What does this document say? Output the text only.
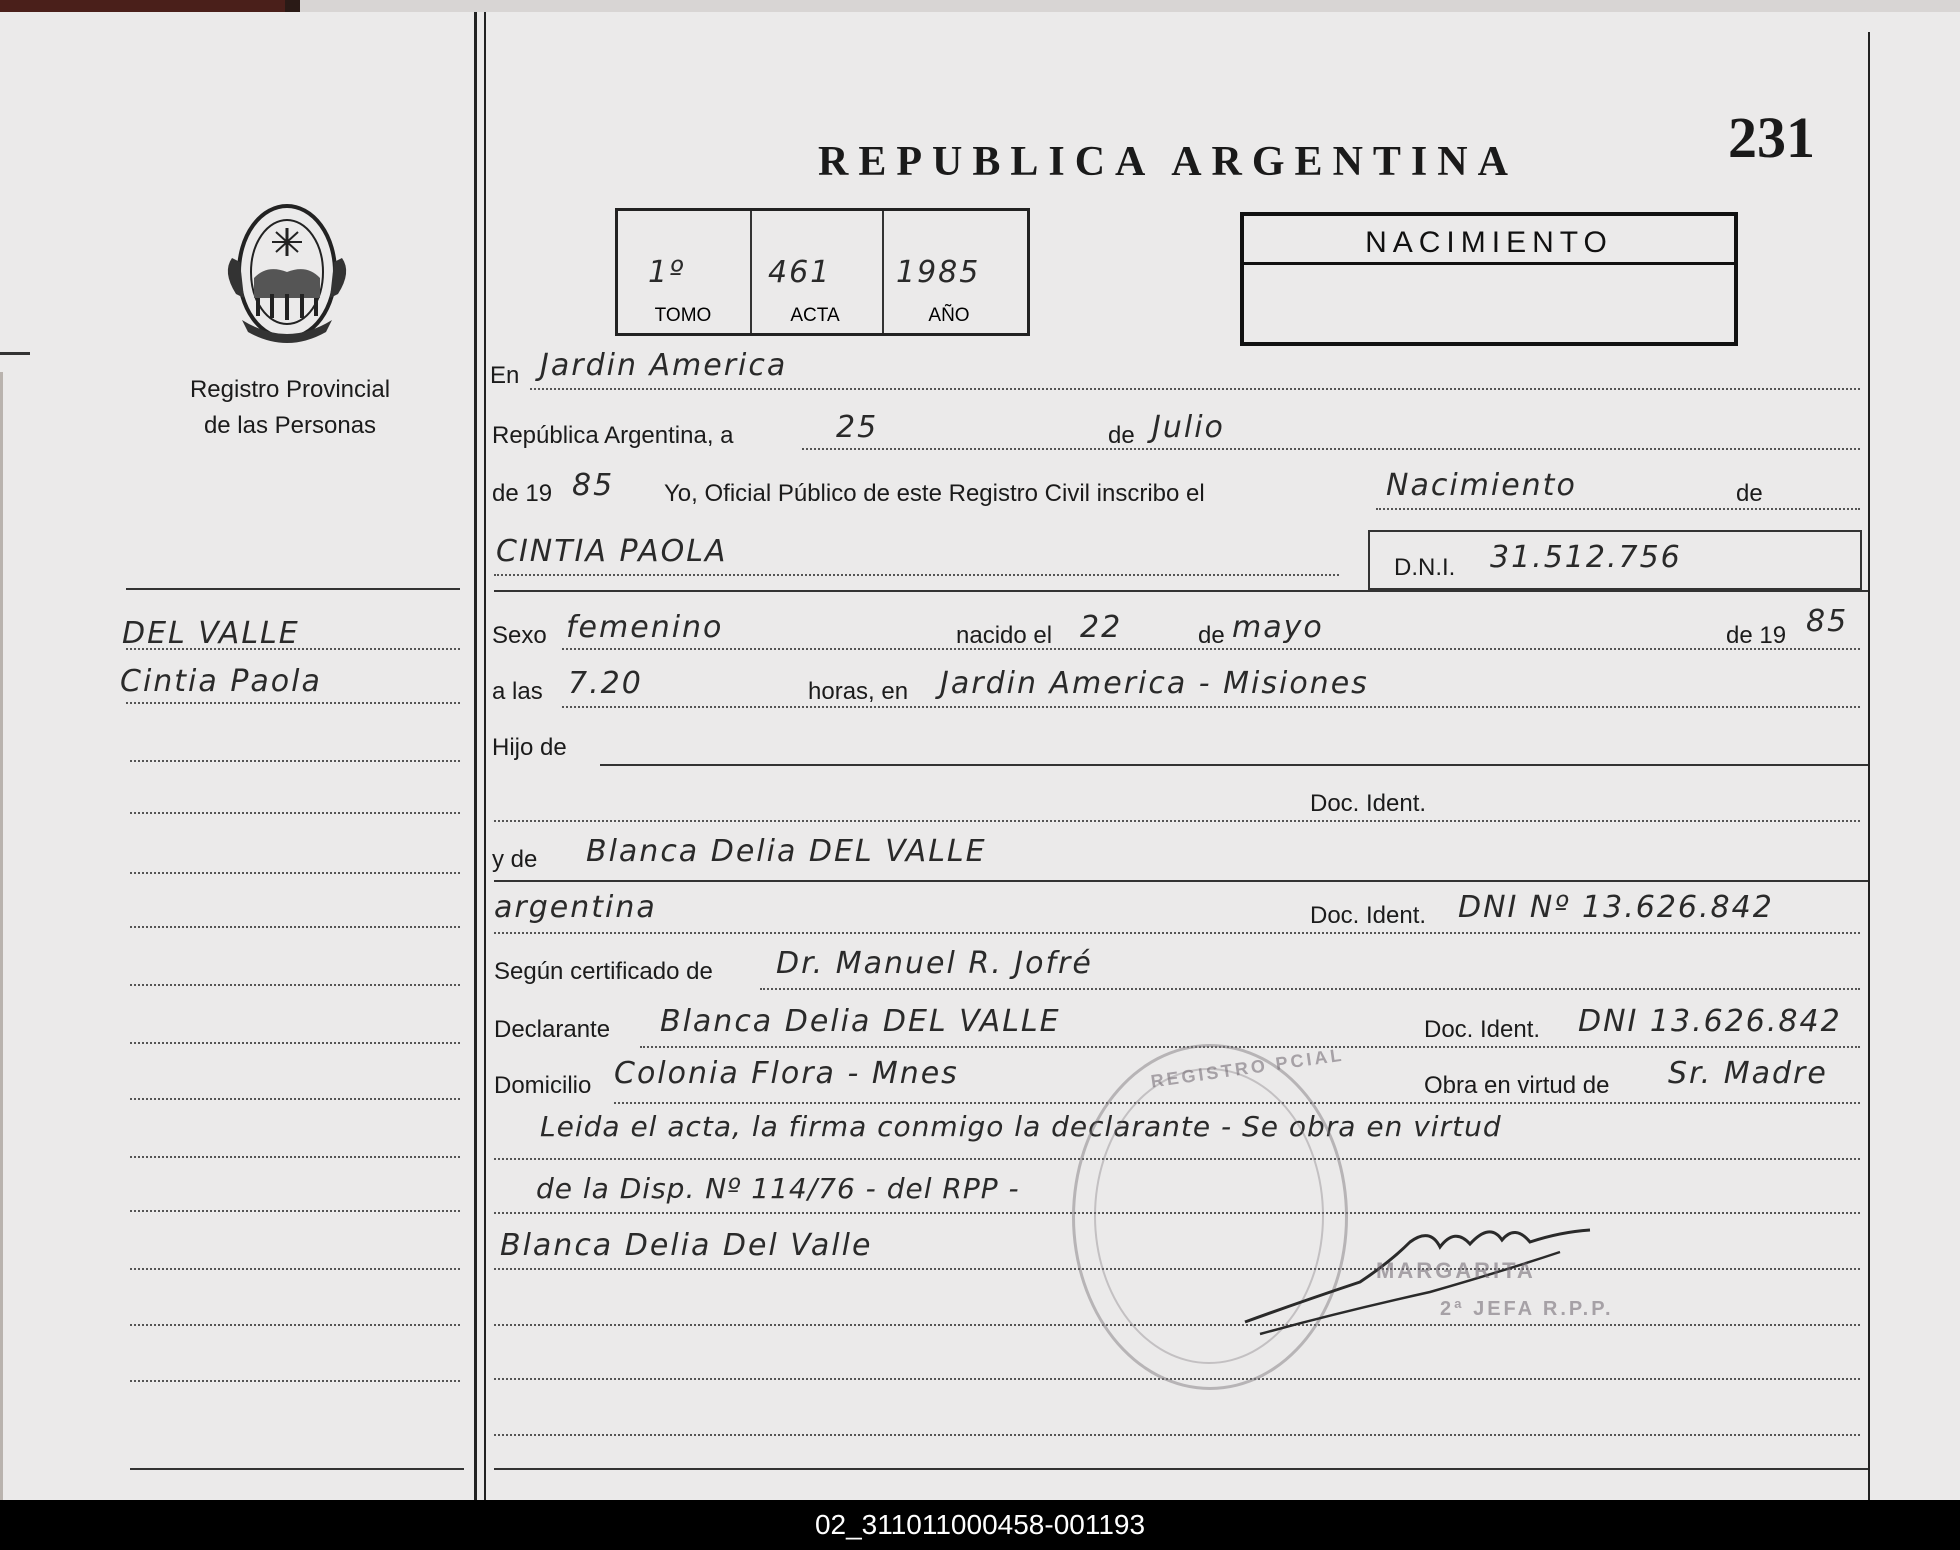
REPUBLICA ARGENTINA	231
Registro Provincial
de las Personas
1º	461 1985
TOMO	ACTA	AÑO
NACIMIENTO
DEL VALLE
Cintia Paola
En Jardin America
República Argentina, a	25	de Julio
de 19 85 Yo, Oficial Público de este Registro Civil inscribo el	Nacimiento	de
CINTIA PAOLA	D.N.I. 31.512.756
Sexo femenino	nacido el 22	de mayo	de 19 85
a las 7.20	horas, en Jardin America - Misiones
Hijo de
Doc. Ident.
y de Blanca Delia DEL VALLE
argentina	Doc. Ident. DNI Nº 13.626.842
Según certificado de Dr. Manuel R. Jofré
Declarante Blanca Delia DEL VALLE	Doc. Ident. DNI 13.626.842
Domicilio Colonia Flora - Mnes	Obra en virtud de Sr. Madre
Leida el acta, la firma conmigo la declarante - Se obra en virtud
de la Disp. Nº 114/76 - del RPP -
Blanca Delia Del Valle
REGISTRO PCIAL
MARGARITA
2ª JEFA R.P.P.
02_311011000458-001193
